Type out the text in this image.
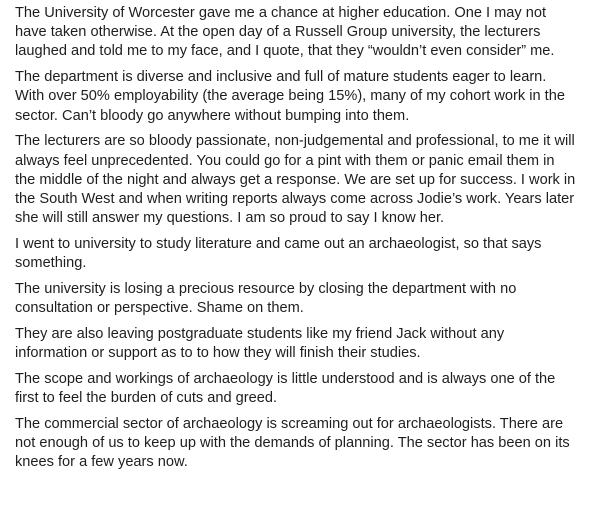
The University of Worcester gave me a chance at higher education. One I may not have taken otherwise. At the open day of a Russell Group university, the lecturers laughed and told me to my face, and I quote, that they “wouldn’t even consider” me.

The department is diverse and inclusive and full of mature students eager to learn. With over 50% employability (the average being 15%), many of my cohort work in the sector. Can’t bloody go anywhere without bumping into them.

The lecturers are so bloody passionate, non-judgemental and professional, to me it will always feel unprecedented. You could go for a pint with them or panic email them in the middle of the night and always get a response. We are set up for success. I work in the South West and when writing reports always come across Jodie’s work. Years later she will still answer my questions. I am so proud to say I know her.

I went to university to study literature and came out an archaeologist, so that says something.

The university is losing a precious resource by closing the department with no consultation or perspective. Shame on them.

They are also leaving postgraduate students like my friend Jack without any information or support as to to how they will finish their studies.

The scope and workings of archaeology is little understood and is always one of the first to feel the burden of cuts and greed.

The commercial sector of archaeology is screaming out for archaeologists. There are not enough of us to keep up with the demands of planning. The sector has been on its knees for a few years now.
